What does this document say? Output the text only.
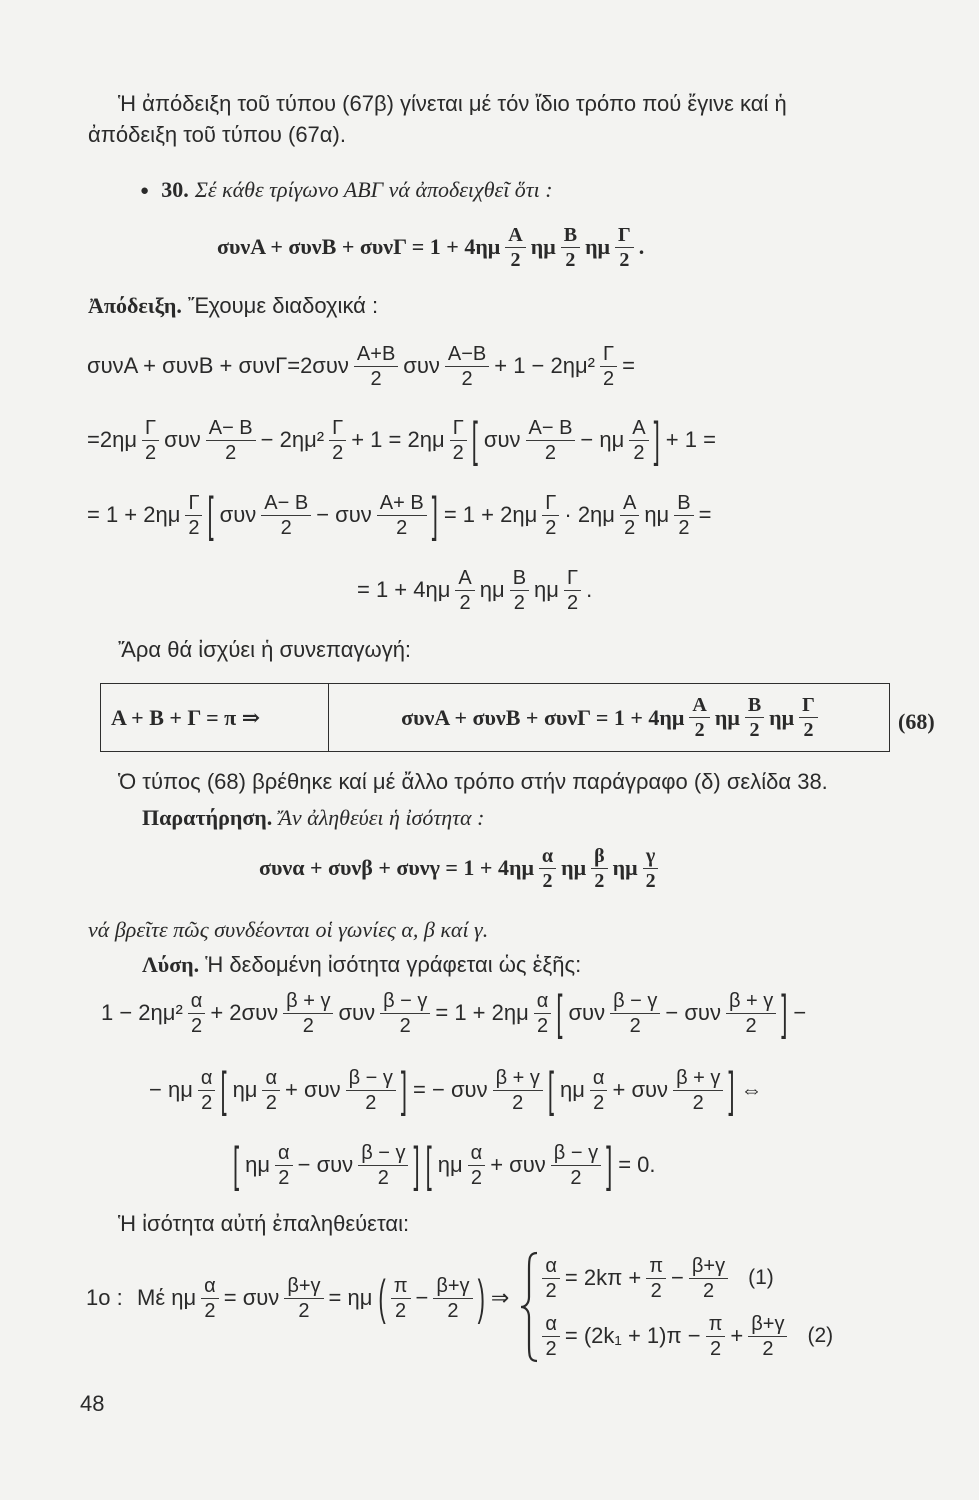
Ἡ ἀπόδειξη τοῦ τύπου (67β) γίνεται μέ τόν ἴδιο τρόπο πού ἔγινε καί ἡ
ἀπόδειξη τοῦ τύπου (67α).
● 30. Σέ κάθε τρίγωνο ΑΒΓ νά ἀποδειχθεῖ ὅτι :
$\sigma\upsilon\nu A + \sigma\upsilon\nu B + \sigma\upsilon\nu\Gamma = 1 + 4\eta\mu \frac{A}{2}$ ημ $\frac{B}{2}$ ημ $\frac{\Gamma}{2}$ .
Ἀπόδειξη. Ἔχουμε διαδοχικά :
$\sigma\upsilon\nu A + \sigma\upsilon\nu B + \sigma\upsilon\nu\Gamma=2\sigma\upsilon\nu \frac{A+B}{2}$ συν $\frac{A-B}{2} + 1 - 2\eta\mu^2 \frac{\Gamma}{2}$ =
$=2\eta\mu \frac{\Gamma}{2}$ συν $\frac{A- B}{2} - 2\eta\mu^2 \frac{\Gamma}{2} + 1 = 2\eta\mu \frac{\Gamma}{2}$ [ συν $\frac{A- B}{2} - \eta\mu \frac{A}{2}$ ] + 1 =
= $1 + 2\eta\mu \frac{\Gamma}{2}$ [ συν $\frac{A- B}{2} - \sigma\upsilon\nu \frac{A+ B}{2}$ ] = $1 + 2\eta\mu \frac{\Gamma}{2} \cdot 2\eta\mu \frac{A}{2}$ ημ $\frac{B}{2}$ =
= $1 + 4\eta\mu \frac{A}{2}$ ημ $\frac{B}{2}$ ημ $\frac{\Gamma}{2}$ .
Ἄρα θά ἰσχύει ἡ συνεπαγωγή:
Α + Β + Γ = π ⇒	$\sigma\upsilon\nu A + \sigma\upsilon\nu B + \sigma\upsilon\nu\Gamma = 1 + 4\eta\mu \frac{A}{2}$ ημ $\frac{B}{2}$ ημ $\frac{\Gamma}{2}$	(68)
Ὁ τύπος (68) βρέθηκε καί μέ ἄλλο τρόπο στήν παράγραφο (δ) σελίδα 38.
Παρατήρηση. Ἄν ἀληθεύει ἡ ἰσότητα :
$\sigma\upsilon\nu\alpha + \sigma\upsilon\nu\beta + \sigma\upsilon\nu\gamma = 1 + 4\eta\mu \frac{\alpha}{2}$ ημ $\frac{\beta}{2}$ ημ $\frac{\gamma}{2}$
νά βρεῖτε πῶς συνδέονται οἱ γωνίες α, β καί γ.
Λύση. Ἡ δεδομένη ἰσότητα γράφεται ὡς ἑξῆς:
$1 - 2\eta\mu^2 \frac{\alpha}{2} + 2\sigma\upsilon\nu \frac{\beta + \gamma}{2}$ συν $\frac{\beta - \gamma}{2} = 1 + 2\eta\mu \frac{\alpha}{2}$ [ συν $\frac{\beta - \gamma}{2} - \sigma\upsilon\nu \frac{\beta + \gamma}{2}$ ] −
− ημ $\frac{\alpha}{2}$ [ ημ $\frac{\alpha}{2} + \sigma\upsilon\nu \frac{\beta - \gamma}{2}$ ] = − συν $\frac{\beta + \gamma}{2}$ [ ημ $\frac{\alpha}{2} + \sigma\upsilon\nu \frac{\beta + \gamma}{2}$ ] ⇔
[ ημ $\frac{\alpha}{2} - \sigma\upsilon\nu \frac{\beta - \gamma}{2}$ ] [ ημ $\frac{\alpha}{2} + \sigma\upsilon\nu \frac{\beta - \gamma}{2}$ ] = 0.
Ἡ ἰσότητα αὐτή ἐπαληθεύεται:
1ο : Μέ ημ $\frac{\alpha}{2} = \sigma\upsilon\nu \frac{\beta+\gamma}{2} = \eta\mu$ ( $\frac{\pi}{2} - \frac{\beta+\gamma}{2}$ ) ⇒ $\frac{\alpha}{2} = 2k\pi + \frac{\pi}{2} - \frac{\beta+\gamma}{2} (1)$
$\frac{\alpha}{2} = (2k_1 + 1)\pi - \frac{\pi}{2} + \frac{\beta+\gamma}{2} (2)$
48
